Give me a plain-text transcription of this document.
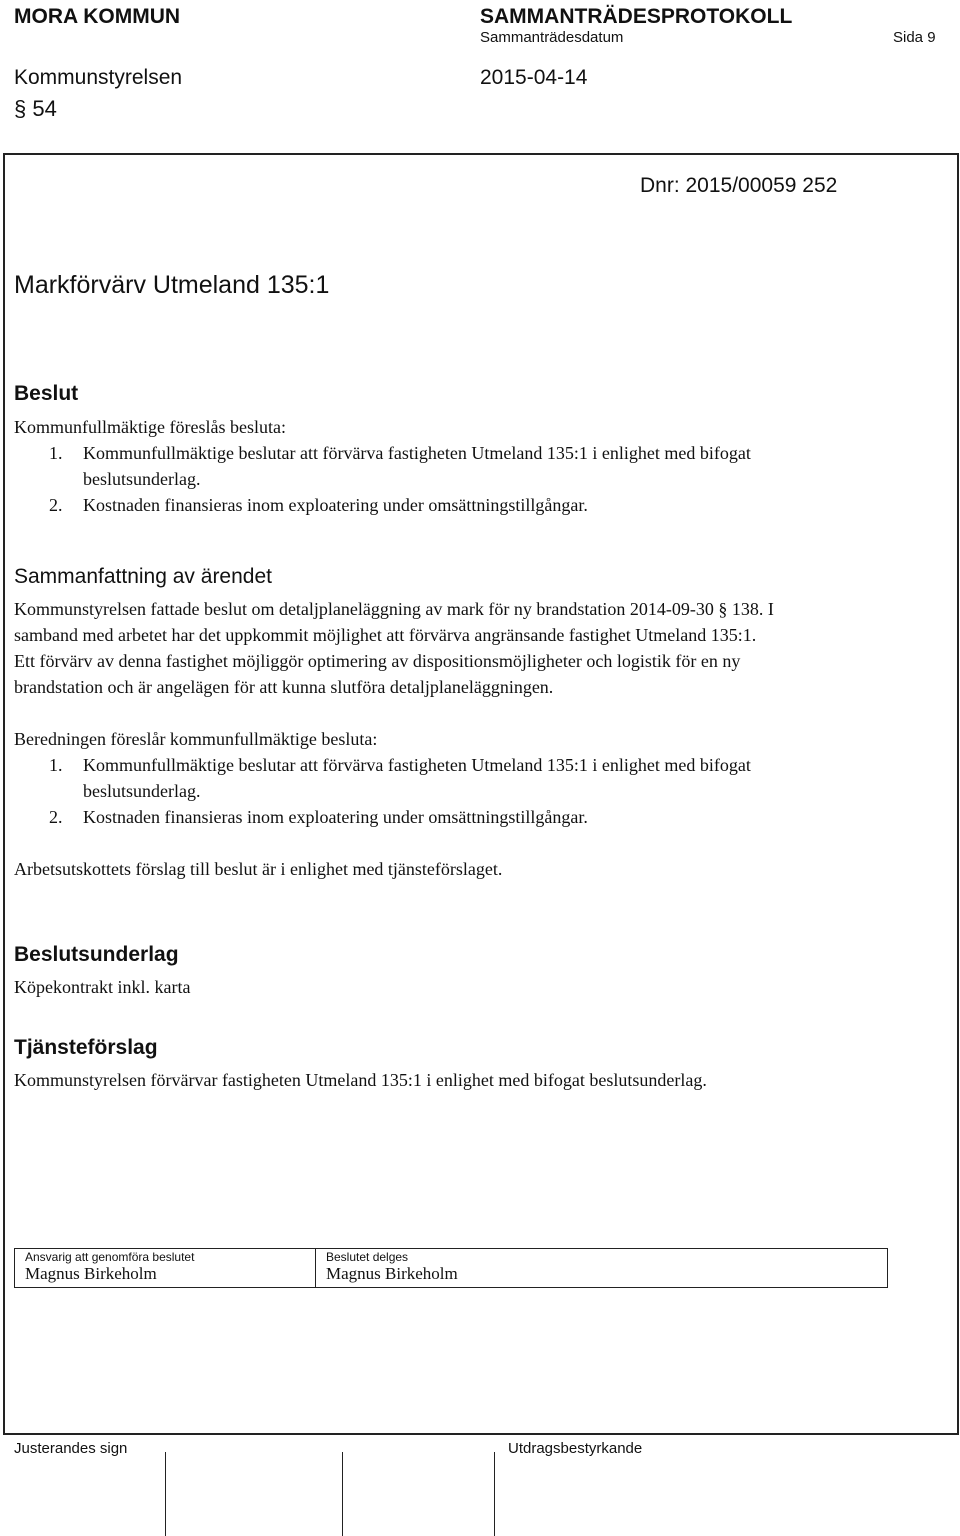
MORA KOMMUN	SAMMANTRÄDESPROTOKOLL
Sammanträdesdatum	Sida 9
Kommunstyrelsen	2015-04-14
§ 54
Dnr: 2015/00059 252
Markförvärv Utmeland 135:1
Beslut
Kommunfullmäktige föreslås besluta:
1. Kommunfullmäktige beslutar att förvärva fastigheten Utmeland 135:1 i enlighet med bifogat
beslutsunderlag.
2. Kostnaden finansieras inom exploatering under omsättningstillgångar.
Sammanfattning av ärendet
Kommunstyrelsen fattade beslut om detaljplaneläggning av mark för ny brandstation 2014-09-30 § 138. I
samband med arbetet har det uppkommit möjlighet att förvärva angränsande fastighet Utmeland 135:1.
Ett förvärv av denna fastighet möjliggör optimering av dispositionsmöjligheter och logistik för en ny
brandstation och är angelägen för att kunna slutföra detaljplaneläggningen.
Beredningen föreslår kommunfullmäktige besluta:
1. Kommunfullmäktige beslutar att förvärva fastigheten Utmeland 135:1 i enlighet med bifogat
beslutsunderlag.
2. Kostnaden finansieras inom exploatering under omsättningstillgångar.
Arbetsutskottets förslag till beslut är i enlighet med tjänsteförslaget.
Beslutsunderlag
Köpekontrakt inkl. karta
Tjänsteförslag
Kommunstyrelsen förvärvar fastigheten Utmeland 135:1 i enlighet med bifogat beslutsunderlag.
Ansvarig att genomföra beslutet
Magnus Birkeholm
Beslutet delges
Magnus Birkeholm
Justerandes sign	Utdragsbestyrkande
